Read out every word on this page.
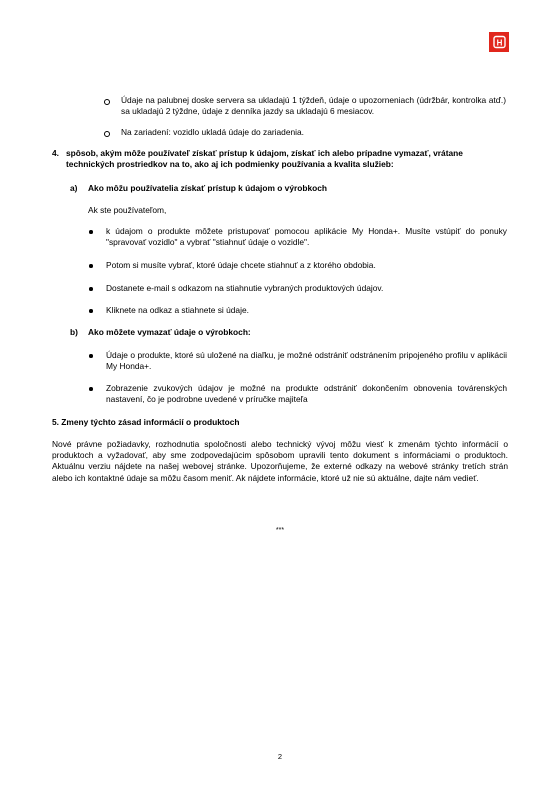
H
Údaje na palubnej doske servera sa ukladajú 1 týždeň, údaje o upozorneniach (údržbár, kontrolka atď.) sa ukladajú 2 týždne, údaje z denníka jazdy sa ukladajú 6 mesiacov.
Na zariadení: vozidlo ukladá údaje do zariadenia.
4. spôsob, akým môže používateľ získať prístup k údajom, získať ich alebo prípadne vymazať, vrátane technických prostriedkov na to, ako aj ich podmienky používania a kvalita služieb:
a) Ako môžu používatelia získať prístup k údajom o výrobkoch
Ak ste používateľom,
k údajom o produkte môžete pristupovať pomocou aplikácie My Honda+. Musíte vstúpiť do ponuky "spravovať vozidlo" a vybrať "stiahnuť údaje o vozidle".
Potom si musíte vybrať, ktoré údaje chcete stiahnuť a z ktorého obdobia.
Dostanete e-mail s odkazom na stiahnutie vybraných produktových údajov.
Kliknete na odkaz a stiahnete si údaje.
b) Ako môžete vymazať údaje o výrobkoch:
Údaje o produkte, ktoré sú uložené na diaľku, je možné odstrániť odstránením pripojeného profilu v aplikácii My Honda+.
Zobrazenie zvukových údajov je možné na produkte odstrániť dokončením obnovenia továrenských nastavení, čo je podrobne uvedené v príručke majiteľa
5. Zmeny týchto zásad informácií o produktoch
Nové právne požiadavky, rozhodnutia spoločnosti alebo technický vývoj môžu viesť k zmenám týchto informácií o produktoch a vyžadovať, aby sme zodpovedajúcim spôsobom upravili tento dokument s informáciami o produktoch. Aktuálnu verziu nájdete na našej webovej stránke. Upozorňujeme, že externé odkazy na webové stránky tretích strán alebo ich kontaktné údaje sa môžu časom meniť. Ak nájdete informácie, ktoré už nie sú aktuálne, dajte nám vedieť.
***
2
